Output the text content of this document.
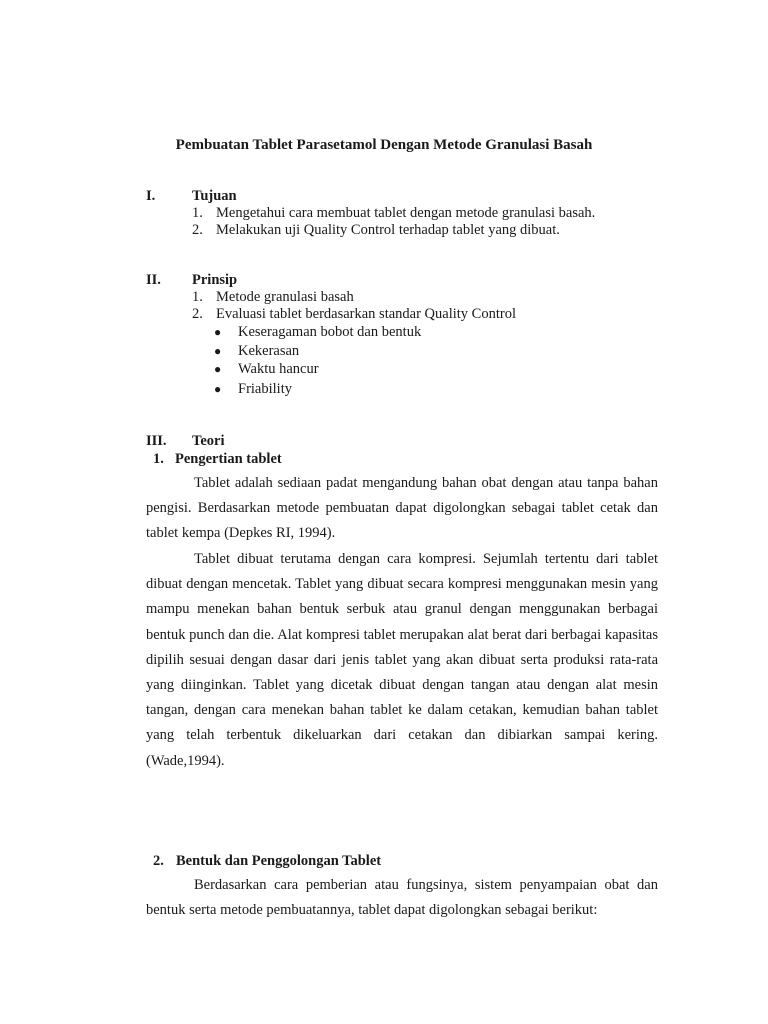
Pembuatan Tablet Parasetamol Dengan Metode Granulasi Basah
I.	Tujuan
1. Mengetahui cara membuat tablet dengan metode granulasi basah.
2. Melakukan uji Quality Control terhadap tablet yang dibuat.
II. Prinsip
1. Metode granulasi basah
2. Evaluasi tablet berdasarkan standar Quality Control
● Keseragaman bobot dan bentuk
● Kekerasan
● Waktu hancur
● Friability
III. Teori
1. Pengertian tablet
Tablet adalah sediaan padat mengandung bahan obat dengan atau tanpa bahan pengisi. Berdasarkan metode pembuatan dapat digolongkan sebagai tablet cetak dan tablet kempa (Depkes RI, 1994).
Tablet dibuat terutama dengan cara kompresi. Sejumlah tertentu dari tablet dibuat dengan mencetak. Tablet yang dibuat secara kompresi menggunakan mesin yang mampu menekan bahan bentuk serbuk atau granul dengan menggunakan berbagai bentuk punch dan die. Alat kompresi tablet merupakan alat berat dari berbagai kapasitas dipilih sesuai dengan dasar dari jenis tablet yang akan dibuat serta produksi rata-rata yang diinginkan. Tablet yang dicetak dibuat dengan tangan atau dengan alat mesin tangan, dengan cara menekan bahan tablet ke dalam cetakan, kemudian bahan tablet yang telah terbentuk dikeluarkan dari cetakan dan dibiarkan sampai kering. (Wade,1994).
2. Bentuk dan Penggolongan Tablet
Berdasarkan cara pemberian atau fungsinya, sistem penyampaian obat dan bentuk serta metode pembuatannya, tablet dapat digolongkan sebagai berikut:
